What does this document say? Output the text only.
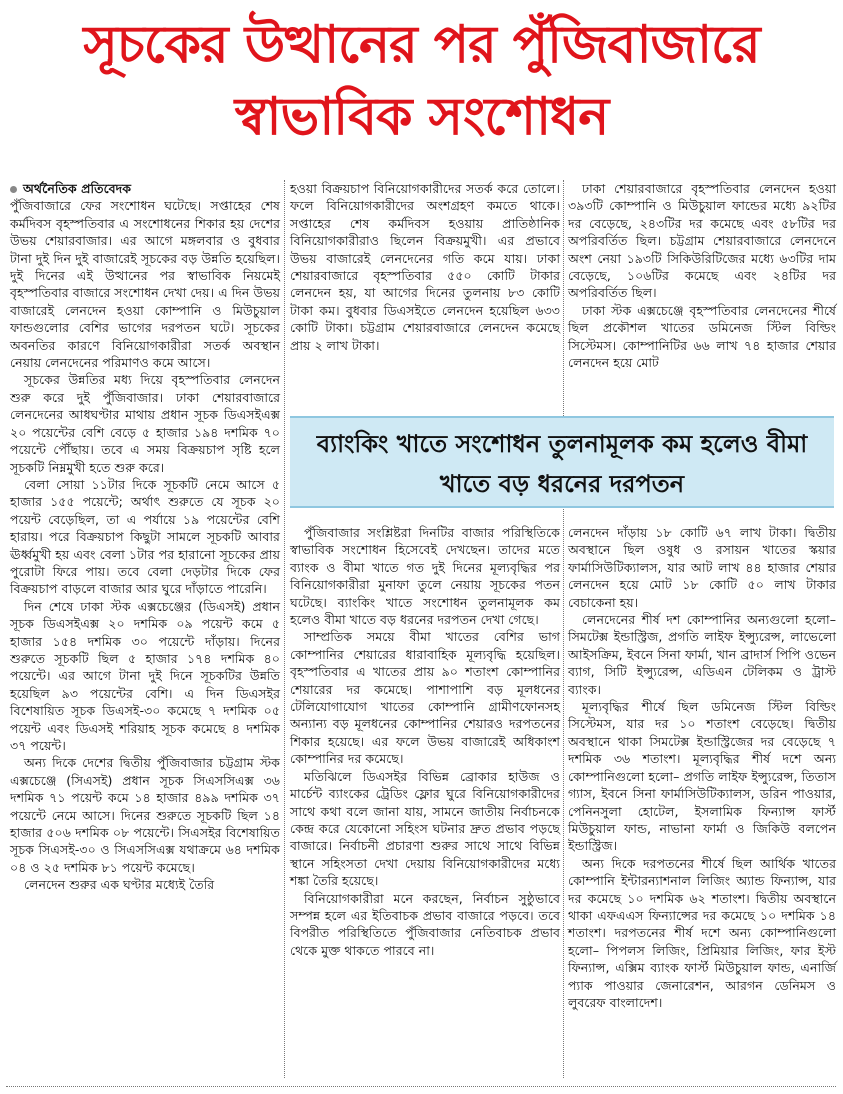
সূচকের উত্থানের পর পুঁজিবাজারে
স্বাভাবিক সংশোধন
অর্থনৈতিক প্রতিবেদক

পুঁজিবাজারে ফের সংশোধন ঘটেছে। সপ্তাহের শেষ কর্মদিবস বৃহস্পতিবার এ সংশোধনের শিকার হয় দেশের উভয় শেয়ারবাজার। এর আগে মঙ্গলবার ও বুধবার টানা দুই দিন দুই বাজারেই সূচকের বড় উন্নতি হয়েছিল। দুই দিনের এই উত্থানের পর স্বাভাবিক নিয়মেই বৃহস্পতিবার বাজারে সংশোধন দেখা দেয়। এ দিন উভয় বাজারেই লেনদেন হওয়া কোম্পানি ও মিউচুয়াল ফান্ডগুলোর বেশির ভাগের দরপতন ঘটে। সূচকের অবনতির কারণে বিনিয়োগকারীরা সতর্ক অবস্থান নেয়ায় লেনদেনের পরিমাণও কমে আসে।

সূচকের উন্নতির মধ্য দিয়ে বৃহস্পতিবার লেনদেন শুরু করে দুই পুঁজিবাজার। ঢাকা শেয়ারবাজারে লেনদেনের আধঘণ্টার মাথায় প্রধান সূচক ডিএসইএক্স ২০ পয়েন্টের বেশি বেড়ে ৫ হাজার ১৯৪ দশমিক ৭০ পয়েন্টে পৌঁছায়। তবে এ সময় বিক্রয়চাপ সৃষ্টি হলে সূচকটি নিম্নমুখী হতে শুরু করে।

বেলা সোয়া ১১টার দিকে সূচকটি নেমে আসে ৫ হাজার ১৫৫ পয়েন্টে; অর্থাৎ শুরুতে যে সূচক ২০ পয়েন্ট বেড়েছিল, তা এ পর্যায়ে ১৯ পয়েন্টের বেশি হারায়। পরে বিক্রয়চাপ কিছুটা সামলে সূচকটি আবার ঊর্ধ্বমুখী হয় এবং বেলা ১টার পর হারানো সূচকের প্রায় পুরোটা ফিরে পায়। তবে বেলা দেড়টার দিকে ফের বিক্রয়চাপ বাড়লে বাজার আর ঘুরে দাঁড়াতে পারেনি।

দিন শেষে ঢাকা স্টক এক্সচেঞ্জের (ডিএসই) প্রধান সূচক ডিএসইএক্স ২০ দশমিক ০৯ পয়েন্ট কমে ৫ হাজার ১৫৪ দশমিক ৩০ পয়েন্টে দাঁড়ায়। দিনের শুরুতে সূচকটি ছিল ৫ হাজার ১৭৪ দশমিক ৪০ পয়েন্টে। এর আগে টানা দুই দিনে সূচকটির উন্নতি হয়েছিল ৯৩ পয়েন্টের বেশি। এ দিন ডিএসইর বিশেষায়িত সূচক ডিএসই-৩০ কমেছে ৭ দশমিক ০৫ পয়েন্ট এবং ডিএসই শরিয়াহ সূচক কমেছে ৪ দশমিক ৩৭ পয়েন্ট।

অন্য দিকে দেশের দ্বিতীয় পুঁজিবাজার চট্টগ্রাম স্টক এক্সচেঞ্জে (সিএসই) প্রধান সূচক সিএসসিএক্স ৩৬ দশমিক ৭১ পয়েন্ট কমে ১৪ হাজার ৪৯৯ দশমিক ৩৭ পয়েন্টে নেমে আসে। দিনের শুরুতে সূচকটি ছিল ১৪ হাজার ৫০৬ দশমিক ০৮ পয়েন্টে। সিএসইর বিশেষায়িত সূচক সিএসই-৩০ ও সিএসসিএক্স যথাক্রমে ৬৪ দশমিক ০৪ ও ২৫ দশমিক ৮১ পয়েন্ট কমেছে।

লেনদেন শুরুর এক ঘণ্টার মধ্যেই তৈরি

হওয়া বিক্রয়চাপ বিনিয়োগকারীদের সতর্ক করে তোলে। ফলে বিনিয়োগকারীদের অংশগ্রহণ কমতে থাকে। সপ্তাহের শেষ কর্মদিবস হওয়ায় প্রাতিষ্ঠানিক বিনিয়োগকারীরাও ছিলেন বিক্রয়মুখী। এর প্রভাবে উভয় বাজারেই লেনদেনের গতি কমে যায়। ঢাকা শেয়ারবাজারে বৃহস্পতিবার ৫৫০ কোটি টাকার লেনদেন হয়, যা আগের দিনের তুলনায় ৮৩ কোটি টাকা কম। বুধবার ডিএসইতে লেনদেন হয়েছিল ৬৩৩ কোটি টাকা। চট্টগ্রাম শেয়ারবাজারে লেনদেন কমেছে প্রায় ২ লাখ টাকা।

ঢাকা শেয়ারবাজারে বৃহস্পতিবার লেনদেন হওয়া ৩৯৩টি কোম্পানি ও মিউচুয়াল ফান্ডের মধ্যে ৯২টির দর বেড়েছে, ২৪৩টির দর কমেছে এবং ৫৮টির দর অপরিবর্তিত ছিল। চট্টগ্রাম শেয়ারবাজারে লেনদেনে অংশ নেয়া ১৯৩টি সিকিউরিটিজের মধ্যে ৬৩টির দাম বেড়েছে, ১০৬টির কমেছে এবং ২৪টির দর অপরিবর্তিত ছিল।

ঢাকা স্টক এক্সচেঞ্জে বৃহস্পতিবার লেনদেনের শীর্ষে ছিল প্রকৌশল খাতের ডমিনেজ স্টিল বিল্ডিং সিস্টেমস। কোম্পানিটির ৬৬ লাখ ৭৪ হাজার শেয়ার লেনদেন হয়ে মোট

ব্যাংকিং খাতে সংশোধন তুলনামূলক কম হলেও বীমা খাতে বড় ধরনের দরপতন

পুঁজিবাজার সংশ্লিষ্টরা দিনটির বাজার পরিস্থিতিকে স্বাভাবিক সংশোধন হিসেবেই দেখছেন। তাদের মতে ব্যাংক ও বীমা খাতে গত দুই দিনের মূল্যবৃদ্ধির পর বিনিয়োগকারীরা মুনাফা তুলে নেয়ায় সূচকের পতন ঘটেছে। ব্যাংকিং খাতে সংশোধন তুলনামূলক কম হলেও বীমা খাতে বড় ধরনের দরপতন দেখা গেছে।

সাম্প্রতিক সময়ে বীমা খাতের বেশির ভাগ কোম্পানির শেয়ারের ধারাবাহিক মূল্যবৃদ্ধি হয়েছিল। বৃহস্পতিবার এ খাতের প্রায় ৯০ শতাংশ কোম্পানির শেয়ারের দর কমেছে। পাশাপাশি বড় মূলধনের টেলিযোগাযোগ খাতের কোম্পানি গ্রামীণফোনসহ অন্যান্য বড় মূলধনের কোম্পানির শেয়ারও দরপতনের শিকার হয়েছে। এর ফলে উভয় বাজারেই অধিকাংশ কোম্পানির দর কমেছে।

মতিঝিলে ডিএসইর বিভিন্ন ব্রোকার হাউজ ও মার্চেন্ট ব্যাংকের ট্রেডিং ফ্লোর ঘুরে বিনিয়োগকারীদের সাথে কথা বলে জানা যায়, সামনে জাতীয় নির্বাচনকে কেন্দ্র করে যেকোনো সহিংস ঘটনার দ্রুত প্রভাব পড়ছে বাজারে। নির্বাচনী প্রচারণা শুরুর সাথে সাথে বিভিন্ন স্থানে সহিংসতা দেখা দেয়ায় বিনিয়োগকারীদের মধ্যে শঙ্কা তৈরি হয়েছে।

বিনিয়োগকারীরা মনে করছেন, নির্বাচন সুষ্ঠুভাবে সম্পন্ন হলে এর ইতিবাচক প্রভাব বাজারে পড়বে। তবে বিপরীত পরিস্থিতিতে পুঁজিবাজার নেতিবাচক প্রভাব থেকে মুক্ত থাকতে পারবে না।

লেনদেন দাঁড়ায় ১৮ কোটি ৬৭ লাখ টাকা। দ্বিতীয় অবস্থানে ছিল ওষুধ ও রসায়ন খাতের স্কয়ার ফার্মাসিউটিক্যালস, যার আট লাখ ৪৪ হাজার শেয়ার লেনদেন হয়ে মোট ১৮ কোটি ৫০ লাখ টাকার বেচাকেনা হয়।

লেনদেনের শীর্ষ দশ কোম্পানির অন্যগুলো হলো– সিমটেক্স ইন্ডাস্ট্রিজ, প্রগতি লাইফ ইন্স্যুরেন্স, লাভেলো আইসক্রিম, ইবনে সিনা ফার্মা, খান ব্রাদার্স পিপি ওভেন ব্যাগ, সিটি ইন্স্যুরেন্স, এডিএন টেলিকম ও ট্রাস্ট ব্যাংক।

মূল্যবৃদ্ধির শীর্ষে ছিল ডমিনেজ স্টিল বিল্ডিং সিস্টেমস, যার দর ১০ শতাংশ বেড়েছে। দ্বিতীয় অবস্থানে থাকা সিমটেক্স ইন্ডাস্ট্রিজের দর বেড়েছে ৭ দশমিক ৩৬ শতাংশ। মূল্যবৃদ্ধির শীর্ষ দশে অন্য কোম্পানিগুলো হলো– প্রগতি লাইফ ইন্স্যুরেন্স, তিতাস গ্যাস, ইবনে সিনা ফার্মাসিউটিক্যালস, ডরিন পাওয়ার, পেনিনসুলা হোটেল, ইসলামিক ফিন্যান্স ফার্স্ট মিউচুয়াল ফান্ড, নাভানা ফার্মা ও জিকিউ বলপেন ইন্ডাস্ট্রিজ।

অন্য দিকে দরপতনের শীর্ষে ছিল আর্থিক খাতের কোম্পানি ইন্টারন্যাশনাল লিজিং অ্যান্ড ফিন্যান্স, যার দর কমেছে ১০ দশমিক ৬২ শতাংশ। দ্বিতীয় অবস্থানে থাকা এফএএস ফিন্যান্সের দর কমেছে ১০ দশমিক ১৪ শতাংশ। দরপতনের শীর্ষ দশে অন্য কোম্পানিগুলো হলো– পিপলস লিজিং, প্রিমিয়ার লিজিং, ফার ইস্ট ফিন্যান্স, এক্সিম ব্যাংক ফার্স্ট মিউচুয়াল ফান্ড, এনার্জি প্যাক পাওয়ার জেনারেশন, আরগন ডেনিমস ও লুবরেফ বাংলাদেশ।
